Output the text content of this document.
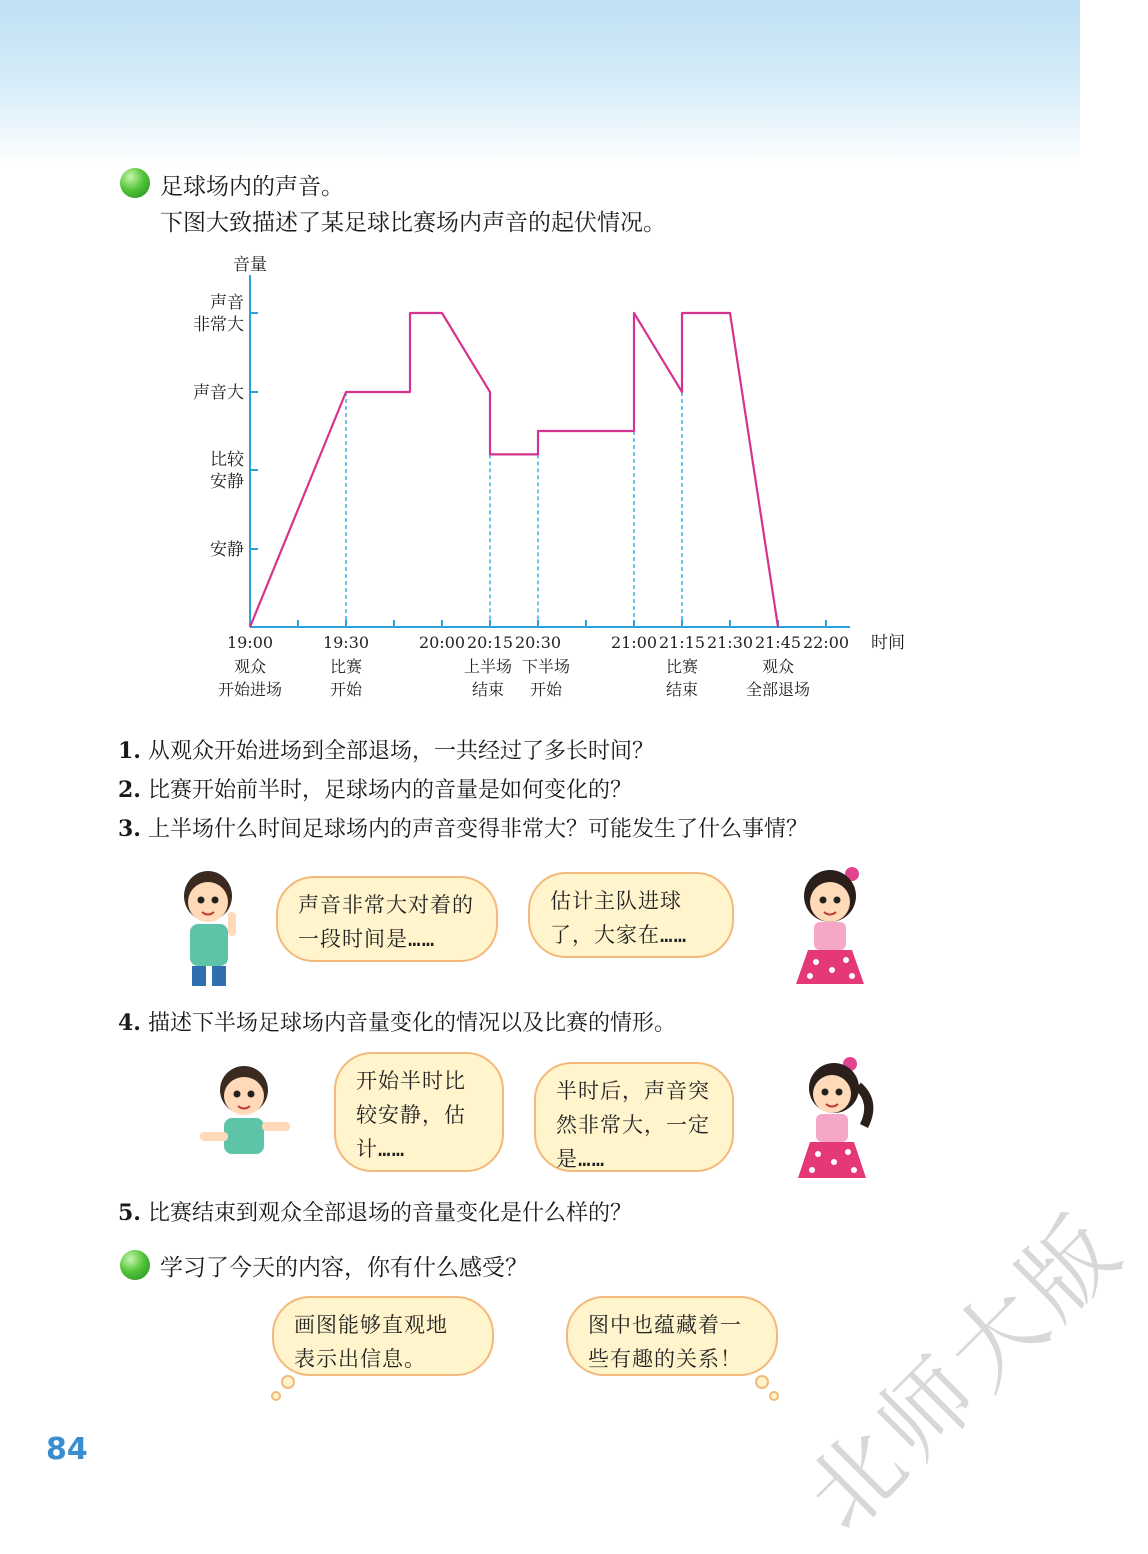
足球场内的声音。
下图大致描述了某足球比赛场内声音的起伏情况。
安静
比较
安静
声音大
声音
非常大
音量
19:00	19:30	20:00 20:15 20:30	21:00 21:15 21:30 21:45 22:00 时间
观众
开始进场
比赛
开始
上半场
结束
下半场
开始
比赛
结束
观众
全部退场
1. 从观众开始进场到全部退场，一共经过了多长时间？
2. 比赛开始前半时，足球场内的音量是如何变化的？
3. 上半场什么时间足球场内的声音变得非常大？可能发生了什么事情？
声音非常大对着的
一段时间是……
估计主队进球
了，大家在……
4. 描述下半场足球场内音量变化的情况以及比赛的情形。
开始半时比
较安静，估
计……
半时后，声音突
然非常大，一定
是……
5. 比赛结束到观众全部退场的音量变化是什么样的？
学习了今天的内容，你有什么感受？
画图能够直观地
表示出信息。
图中也蕴藏着一
些有趣的关系！ 北师大版
84
